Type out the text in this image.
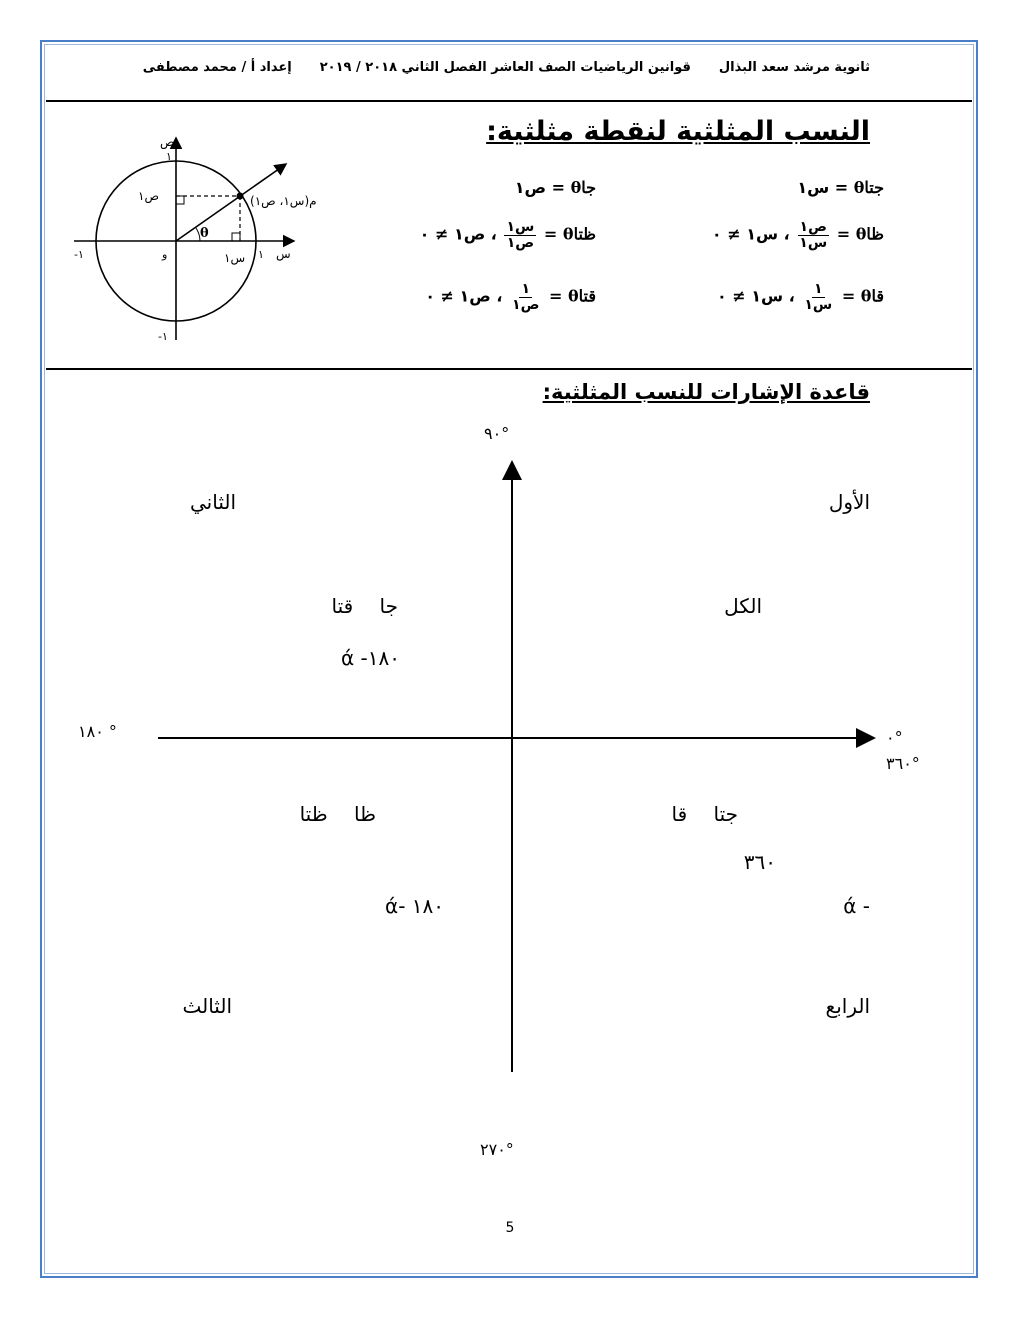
ثانوية مرشد سعد البذالقوانين الرياضيات الصف العاشر الفصل الثاني ٢٠١٨ / ٢٠١٩إعداد أ / محمد مصطفى
النسب المثلثية لنقطة مثلثية:
جتاθ = س١
جاθ = ص١
ظاθ =
$\frac{\text{ص١}}{\text{س١}}$
، س١ ≠ ٠
ظتاθ =
$\frac{\text{س١}}{\text{ص١}}$
، ص١ ≠ ٠
قاθ =
$\frac{١}{\text{س١}}$
، س١ ≠ ٠
قتاθ =
$\frac{١}{\text{ص١}}$
، ص١ ≠ ٠
ص
١
-١
-١	١ س
و
θ
م(س١، ص١)
ص١
س١
قاعدة الإشارات للنسب المثلثية:
٩٠°
١٨٠ °	٠°
٣٦٠°
٢٧٠°
الأول
الكل
الثاني
جا قتا
١٨٠- ά
ظا ظتا
١٨٠ -ά
الثالث
جتا قا
٣٦٠
- ά
الرابع
5
